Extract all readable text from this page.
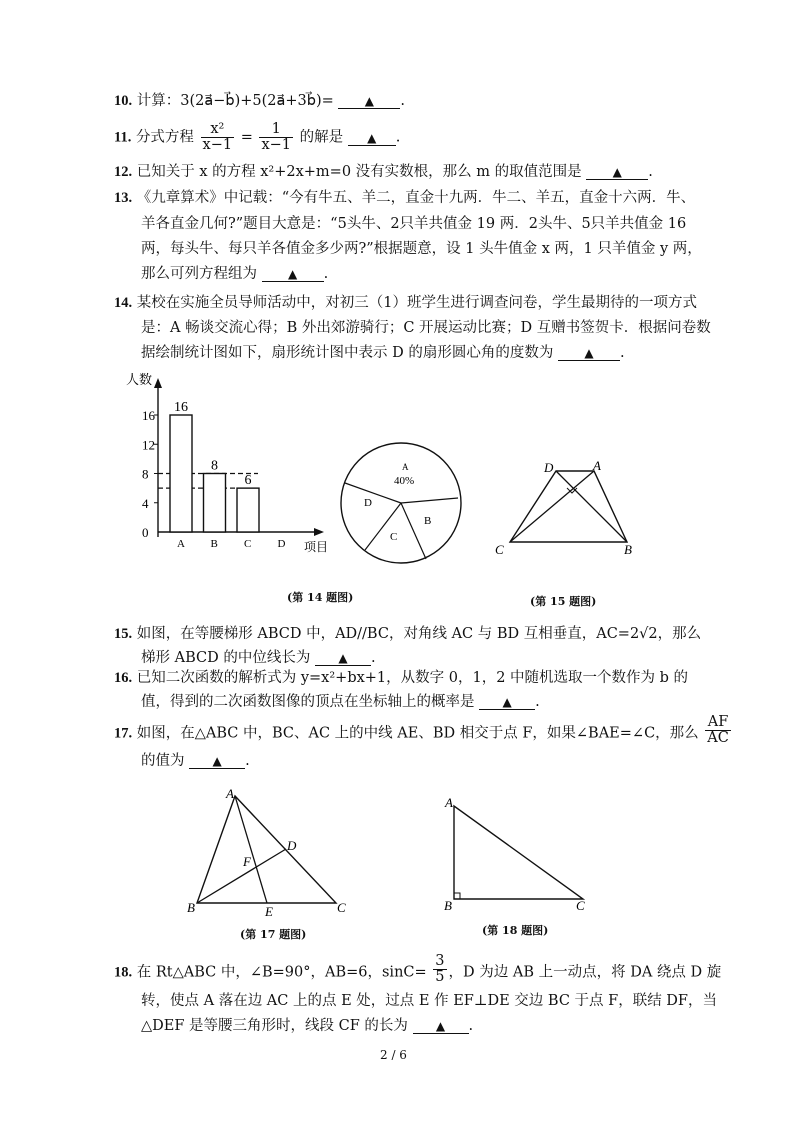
10. 计算：3(2a⃗−b⃗)+5(2a⃗+3b⃗)=	▲ .
11. 分式方程 $\frac{\text{x²}}{x-1} = \frac{1}{x-1}$ 的解是 ▲ .
12. 已知关于 x 的方程 x²+2x+m=0 没有实数根，那么 m 的取值范围是	▲ .
13. 《九章算术》中记载：“今有牛五、羊二，直金十九两．牛二、羊五，直金十六两．牛、
羊各直金几何?”题目大意是：“5头牛、2只羊共值金 19 两．2头牛、5只羊共值金 16
两，每头牛、每只羊各值金多少两?”根据题意，设 1 头牛值金 x 两，1 只羊值金 y 两，
那么可列方程组为	▲ .
14. 某校在实施全员导师活动中，对初三（1）班学生进行调查问卷，学生最期待的一项方式
是：A 畅谈交流心得；B 外出郊游骑行；C 开展运动比赛；D 互赠书签贺卡．根据问卷数
据绘制统计图如下，扇形统计图中表示 D 的扇形圆心角的度数为	▲ .
人数
项目
0
4
8
12
16
A B C D
16
8
6
A
40%
B
C
D
D	A
C	B
(第 14 题图)	(第 15 题图)
15. 如图，在等腰梯形 ABCD 中，AD//BC，对角线 AC 与 BD 互相垂直，AC=2√2，那么
梯形 ABCD 的中位线长为 ▲ .
16. 已知二次函数的解析式为 y=x²+bx+1，从数字 0，1，2 中随机选取一个数作为 b 的
值，得到的二次函数图像的顶点在坐标轴上的概率是 ▲ .
17. 如图，在△ABC 中，BC、AC 上的中线 AE、BD 相交于点 F，如果∠BAE=∠C，那么 $\frac{AF}{AC}$
的值为 ▲ .
A
B	C
D
E
F
A
B	C
(第 17 题图)	(第 18 题图)
18. 在 Rt△ABC 中，∠B=90°，AB=6，$\sin C= \frac{3}{5}$ ，D 为边 AB 上一动点，将 DA 绕点 D 旋
转，使点 A 落在边 AC 上的点 E 处，过点 E 作 EF⊥DE 交边 BC 于点 F，联结 DF，当
△DEF 是等腰三角形时，线段 CF 的长为 ▲ .
2 / 6
